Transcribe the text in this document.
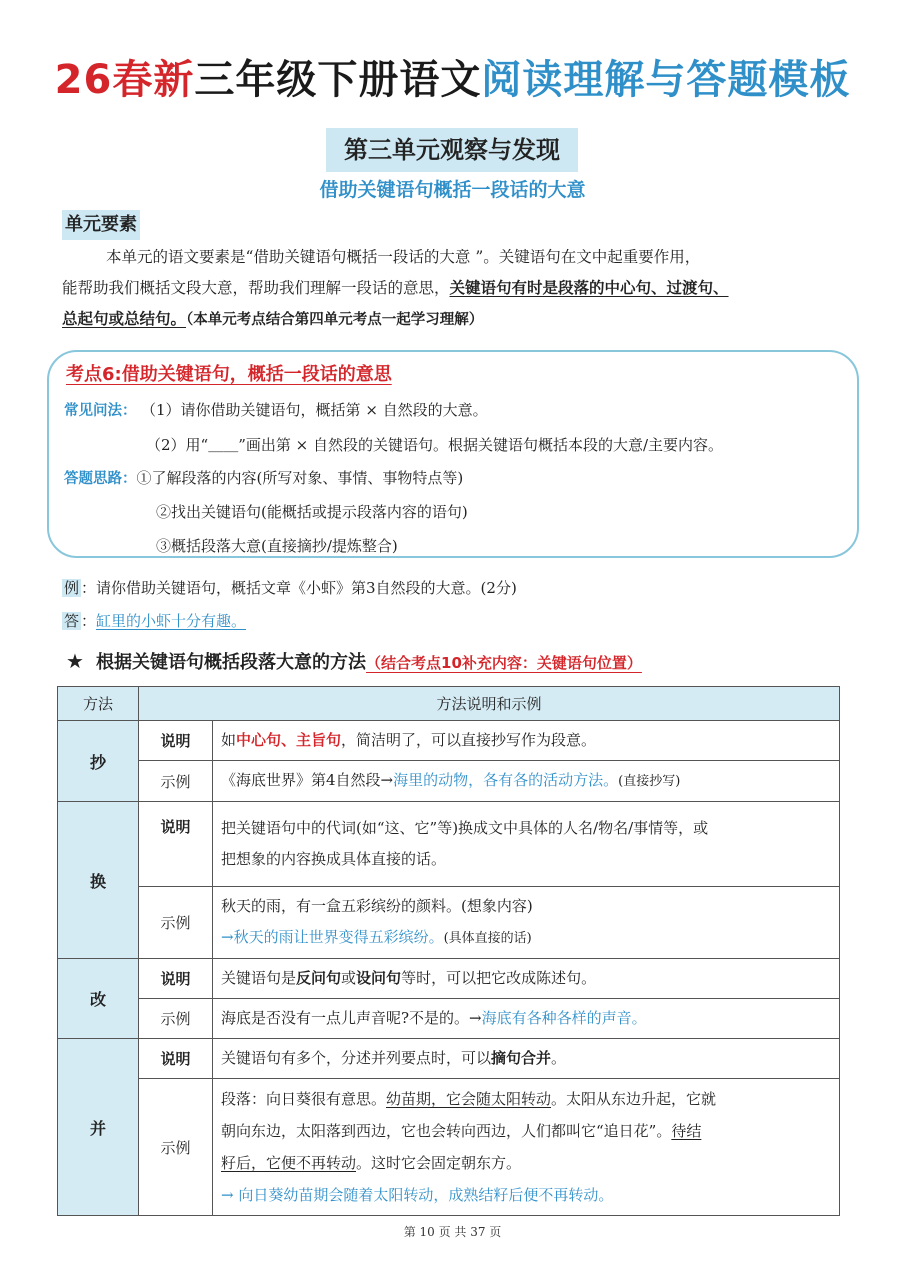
26春新三年级下册语文阅读理解与答题模板
第三单元观察与发现
借助关键语句概括一段话的大意
单元要素

本单元的语文要素是“借助关键语句概括一段话的大意 ”。关键语句在文中起重要作用，

能帮助我们概括文段大意，帮助我们理解一段话的意思，关键语句有时是段落的中心句、过渡句、

总起句或总结句。（本单元考点结合第四单元考点一起学习理解）

考点6:借助关键语句，概括一段话的意思
常见问法： （1）请你借助关键语句，概括第 × 自然段的大意。
（2）用“＿＿”画出第 × 自然段的关键语句。根据关键语句概括本段的大意/主要内容。
答题思路：①了解段落的内容(所写对象、事情、事物特点等)
②找出关键语句(能概括或提示段落内容的语句)
③概括段落大意(直接摘抄/提炼整合)
例 ：请你借助关键语句，概括文章《小虾》第3自然段的大意。(2分)
答 ：缸里的小虾十分有趣。
★ 根据关键语句概括段落大意的方法（结合考点10补充内容：关键语句位置）
方法	方法说明和示例	
抄	说明	如中心句、主旨句，简洁明了，可以直接抄写作为段意。
	示例	《海底世界》第4自然段→海里的动物，各有各的活动方法。(直接抄写)
换	说明	把关键语句中的代词(如“这、它”等)换成文中具体的人名/物名/事情等，或
把想象的内容换成具体直接的话。

	示例	秋天的雨，有一盒五彩缤纷的颜料。(想象内容)
→秋天的雨让世界变得五彩缤纷。(具体直接的话)

改	说明	关键语句是反问句或设问句等时，可以把它改成陈述句。
	示例	海底是否没有一点儿声音呢?不是的。→海底有各种各样的声音。
并	说明	关键语句有多个，分述并列要点时，可以摘句合并。
	示例	段落：向日葵很有意思。幼苗期，它会随太阳转动。太阳从东边升起，它就
朝向东边，太阳落到西边，它也会转向西边，人们都叫它“追日花”。待结
籽后，它便不再转动。这时它会固定朝东方。
→ 向日葵幼苗期会随着太阳转动，成熟结籽后便不再转动。
第 10 页 共 37 页
